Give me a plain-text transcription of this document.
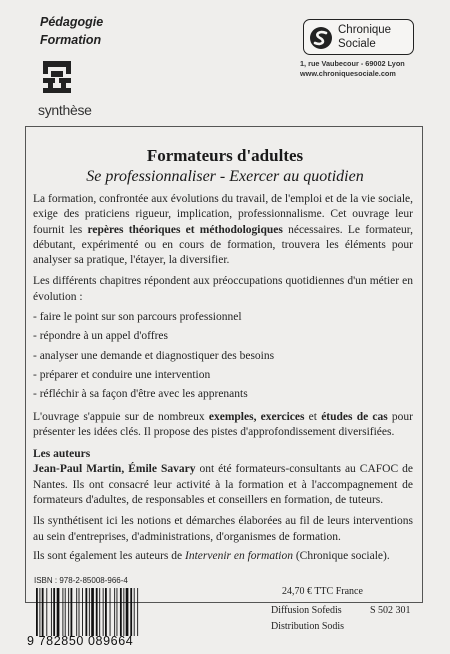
Pédagogie
Formation
synthèse
Chronique
Sociale
1, rue Vaubecour - 69002 Lyon
www.chroniquesociale.com
Formateurs d'adultes
Se professionnaliser - Exercer au quotidien

La formation, confrontée aux évolutions du travail, de l'emploi et de la vie sociale, exige des praticiens rigueur, implication, professionnalisme. Cet ouvrage leur fournit les repères théoriques et méthodologiques nécessaires. Le formateur, débutant, expérimenté ou en cours de formation, trouvera les éléments pour analyser sa pratique, l'étayer, la diversifier.

Les différents chapitres répondent aux préoccupations quotidiennes d'un métier en évolution :

- faire le point sur son parcours professionnel
- répondre à un appel d'offres
- analyser une demande et diagnostiquer des besoins
- préparer et conduire une intervention
- réfléchir à sa façon d'être avec les apprenants

L'ouvrage s'appuie sur de nombreux exemples, exercices et études de cas pour présenter les idées clés. Il propose des pistes d'approfondissement diversifiées.

Les auteurs

Jean-Paul Martin, Émile Savary ont été formateurs-consultants au CAFOC de Nantes. Ils ont consacré leur activité à la formation et à l'accompagnement de formateurs d'adultes, de responsables et conseillers en formation, de tuteurs.

Ils synthétisent ici les notions et démarches élaborées au fil de leurs interventions au sein d'entreprises, d'administrations, d'organismes de formation.

Ils sont également les auteurs de Intervenir en formation (Chronique sociale).

ISBN : 978-2-85008-966-4
9 782850 089664
24,70 € TTC France
Diffusion Sofedis	S 502 301
Distribution Sodis
